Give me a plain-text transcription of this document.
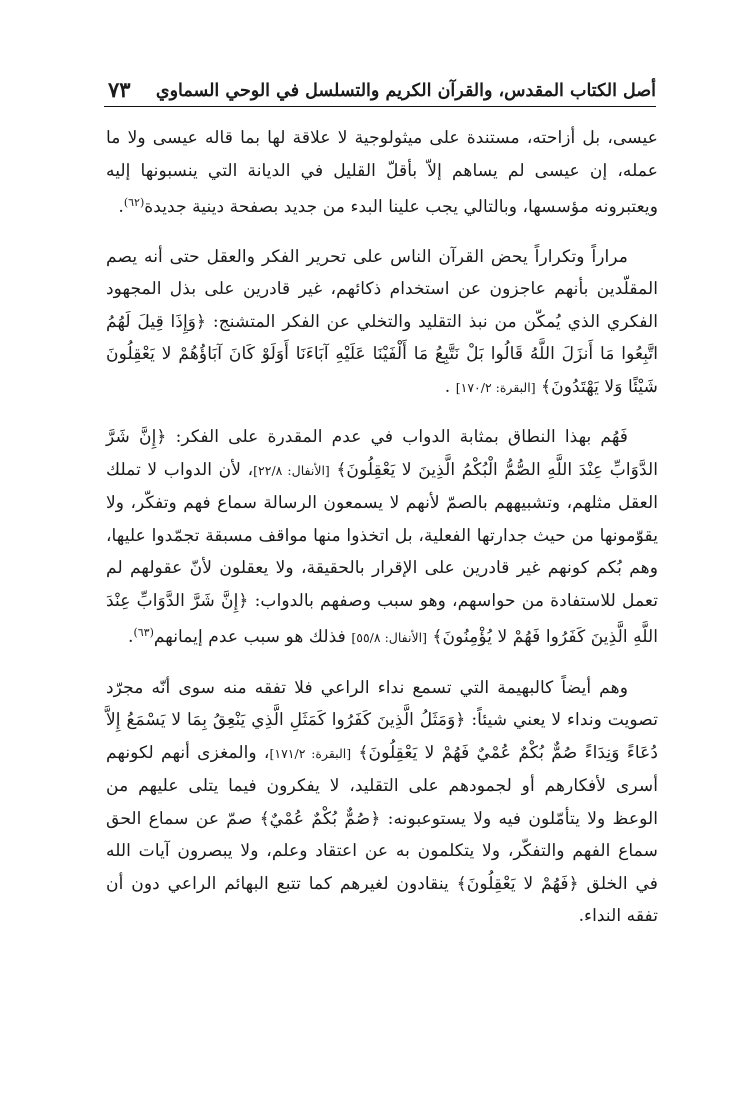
أصل الكتاب المقدس، والقرآن الكريم والتسلسل في الوحي السماوي
٧٣

عيسى، بل أزاحته، مستندة على ميثولوجية لا علاقة لها بما قاله عيسى ولا ما عمله، إن عيسى لم يساهم إلاّ بأقلّ القليل في الديانة التي ينسبونها إليه ويعتبرونه مؤسسها، وبالتالي يجب علينا البدء من جديد بصفحة دينية جديدة$^{(٦٢)}$.

مراراً وتكراراً يحض القرآن الناس على تحرير الفكر والعقل حتى أنه يصم المقلّدين بأنهم عاجزون عن استخدام ذكائهم، غير قادرين على بذل المجهود الفكري الذي يُمكّن من نبذ التقليد والتخلي عن الفكر المتشنج: ﴿وَإِذَا قِيلَ لَهُمُ اتَّبِعُوا مَا أَنزَلَ اللَّهُ قَالُوا بَلْ نَتَّبِعُ مَا أَلْفَيْنَا عَلَيْهِ آبَاءَنَا أَوَلَوْ كَانَ آبَاؤُهُمْ لا يَعْقِلُونَ شَيْئًا وَلا يَهْتَدُونَ﴾ [البقرة: ١٧٠/٢] .

فَهُم بهذا النطاق بمثابة الدواب في عدم المقدرة على الفكر: ﴿إِنَّ شَرَّ الدَّوَابِّ عِنْدَ اللَّهِ الصُّمُّ الْبُكْمُ الَّذِينَ لا يَعْقِلُونَ﴾ [الأنفال: ٢٢/٨]، لأن الدواب لا تملك العقل مثلهم، وتشبيههم بالصمّ لأنهم لا يسمعون الرسالة سماع فهم وتفكّر، ولا يقوّمونها من حيث جدارتها الفعلية، بل اتخذوا منها مواقف مسبقة تجمّدوا عليها، وهم بُكم كونهم غير قادرين على الإقرار بالحقيقة، ولا يعقلون لأنّ عقولهم لم تعمل للاستفادة من حواسهم، وهو سبب وصفهم بالدواب: ﴿إِنَّ شَرَّ الدَّوَابِّ عِنْدَ اللَّهِ الَّذِينَ كَفَرُوا فَهُمْ لا يُؤْمِنُونَ﴾ [الأنفال: ٥٥/٨] فذلك هو سبب عدم إيمانهم$^{(٦٣)}$.

وهم أيضاً كالبهيمة التي تسمع نداء الراعي فلا تفقه منه سوى أنّه مجرّد تصويت ونداء لا يعني شيئاً: ﴿وَمَثَلُ الَّذِينَ كَفَرُوا كَمَثَلِ الَّذِي يَنْعِقُ بِمَا لا يَسْمَعُ إِلاَّ دُعَاءً وَنِدَاءً صُمٌّ بُكْمٌ عُمْيٌ فَهُمْ لا يَعْقِلُونَ﴾ [البقرة: ١٧١/٢]، والمغزى أنهم لكونهم أسرى لأفكارهم أو لجمودهم على التقليد، لا يفكرون فيما يتلى عليهم من الوعظ ولا يتأمّلون فيه ولا يستوعبونه: ﴿صُمٌّ بُكْمٌ عُمْيٌ﴾ صمّ عن سماع الحق سماع الفهم والتفكّر، ولا يتكلمون به عن اعتقاد وعلم، ولا يبصرون آيات الله في الخلق ﴿فَهُمْ لا يَعْقِلُونَ﴾ ينقادون لغيرهم كما تتبع البهائم الراعي دون أن تفقه النداء.
